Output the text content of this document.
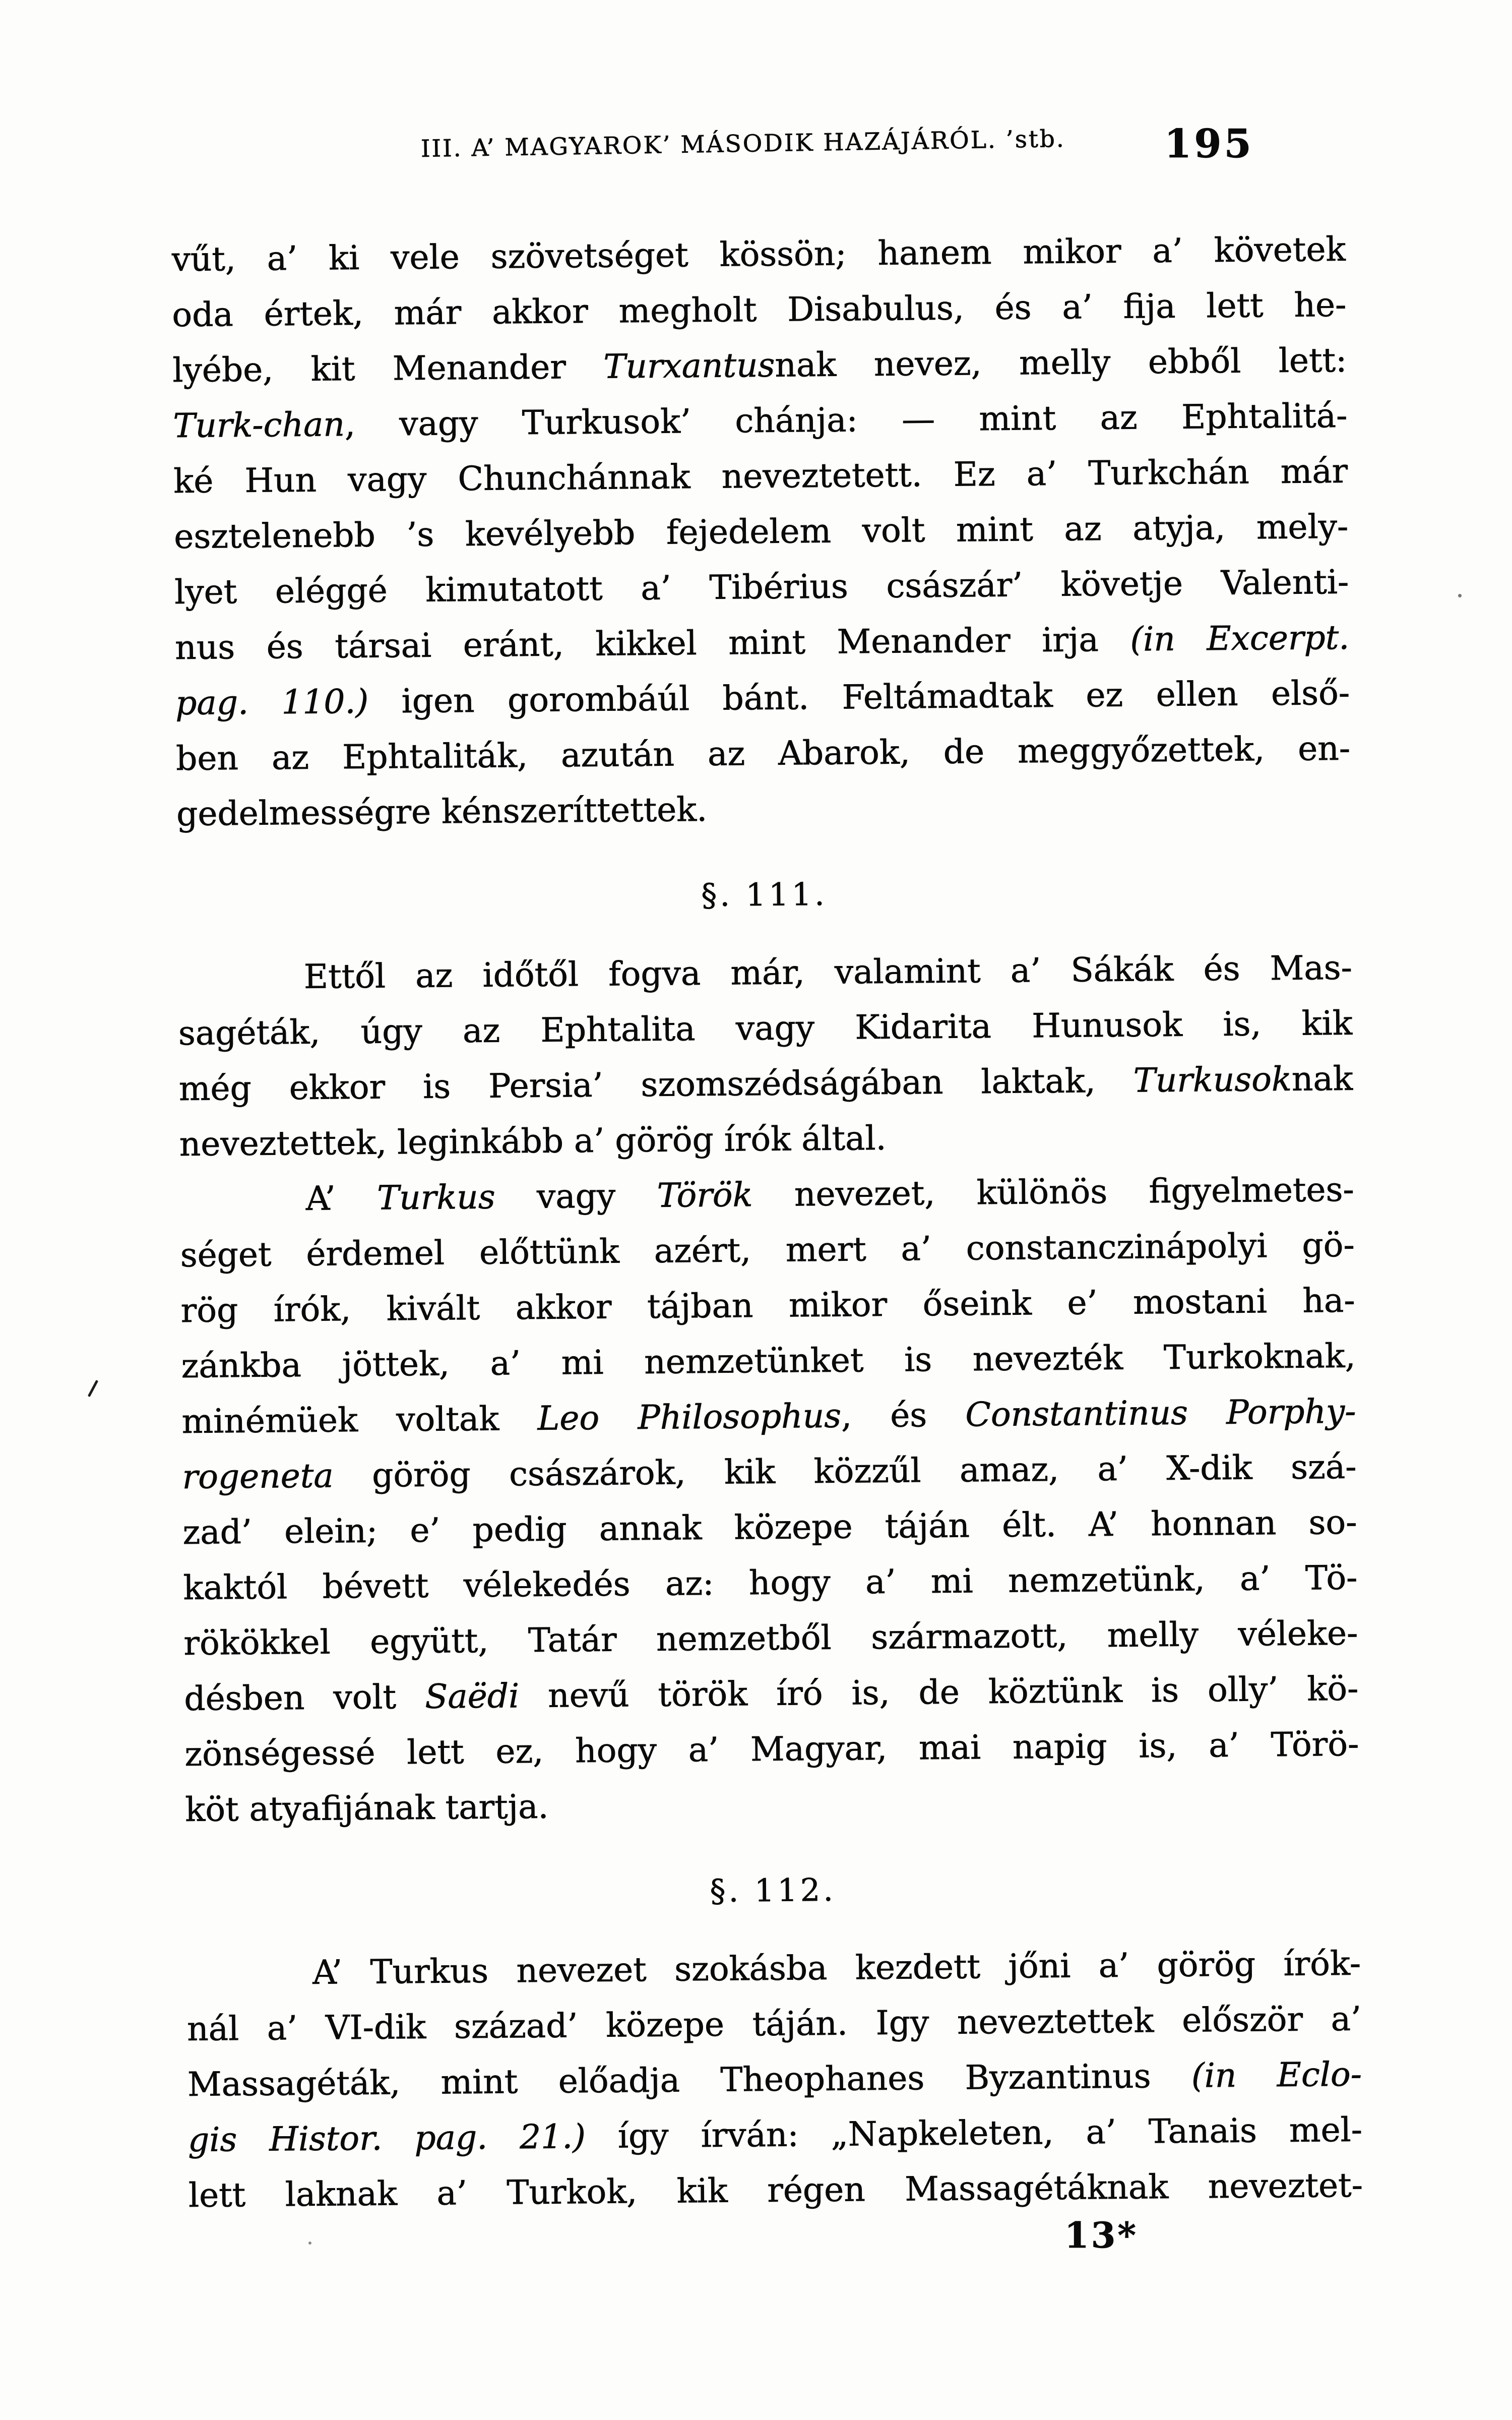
III. A’ MAGYAROK’ MÁSODIK HAZÁJÁRÓL. ’stb.	195
vűt, a’ ki vele szövetséget kössön; hanem mikor a’ követek
oda értek, már akkor megholt Disabulus, és a’ fija lett he-
lyébe, kit Menander Turxantusnak nevez, melly ebből lett:
Turk-chan, vagy Turkusok’ chánja: — mint az Ephtalitá-
ké Hun vagy Chunchánnak neveztetett. Ez a’ Turkchán már
esztelenebb ’s kevélyebb fejedelem volt mint az atyja, mely-
lyet eléggé kimutatott a’ Tibérius császár’ követje Valenti-
nus és társai eránt, kikkel mint Menander irja (in Excerpt.
pag. 110.) igen gorombáúl bánt. Feltámadtak ez ellen első-
ben az Ephtaliták, azután az Abarok, de meggyőzettek, en-
gedelmességre kénszeríttettek.
§. 111.
Ettől az időtől fogva már, valamint a’ Sákák és Mas-
sagéták, úgy az Ephtalita vagy Kidarita Hunusok is, kik
még ekkor is Persia’ szomszédságában laktak, Turkusoknak
neveztettek, leginkább a’ görög írók által.
A’ Turkus vagy Török nevezet, különös figyelmetes-
séget érdemel előttünk azért, mert a’ constanczinápolyi gö-
rög írók, kivált akkor tájban mikor őseink e’ mostani ha-
zánkba jöttek, a’ mi nemzetünket is nevezték Turkoknak,
minémüek voltak Leo Philosophus, és Constantinus Porphy-
rogeneta görög császárok, kik közzűl amaz, a’ X-dik szá-
zad’ elein; e’ pedig annak közepe táján élt. A’ honnan so-
kaktól bévett vélekedés az: hogy a’ mi nemzetünk, a’ Tö-
rökökkel együtt, Tatár nemzetből származott, melly véleke-
désben volt Saëdi nevű török író is, de köztünk is olly’ kö-
zönségessé lett ez, hogy a’ Magyar, mai napig is, a’ Törö-
köt atyafijának tartja.
§. 112.
A’ Turkus nevezet szokásba kezdett jőni a’ görög írók-
nál a’ VI-dik század’ közepe táján. Igy neveztettek először a’
Massagéták, mint előadja Theophanes Byzantinus (in Eclo-
gis Histor. pag. 21.) így írván: „Napkeleten, a’ Tanais mel-
lett laknak a’ Turkok, kik régen Massagétáknak neveztet-
13*
